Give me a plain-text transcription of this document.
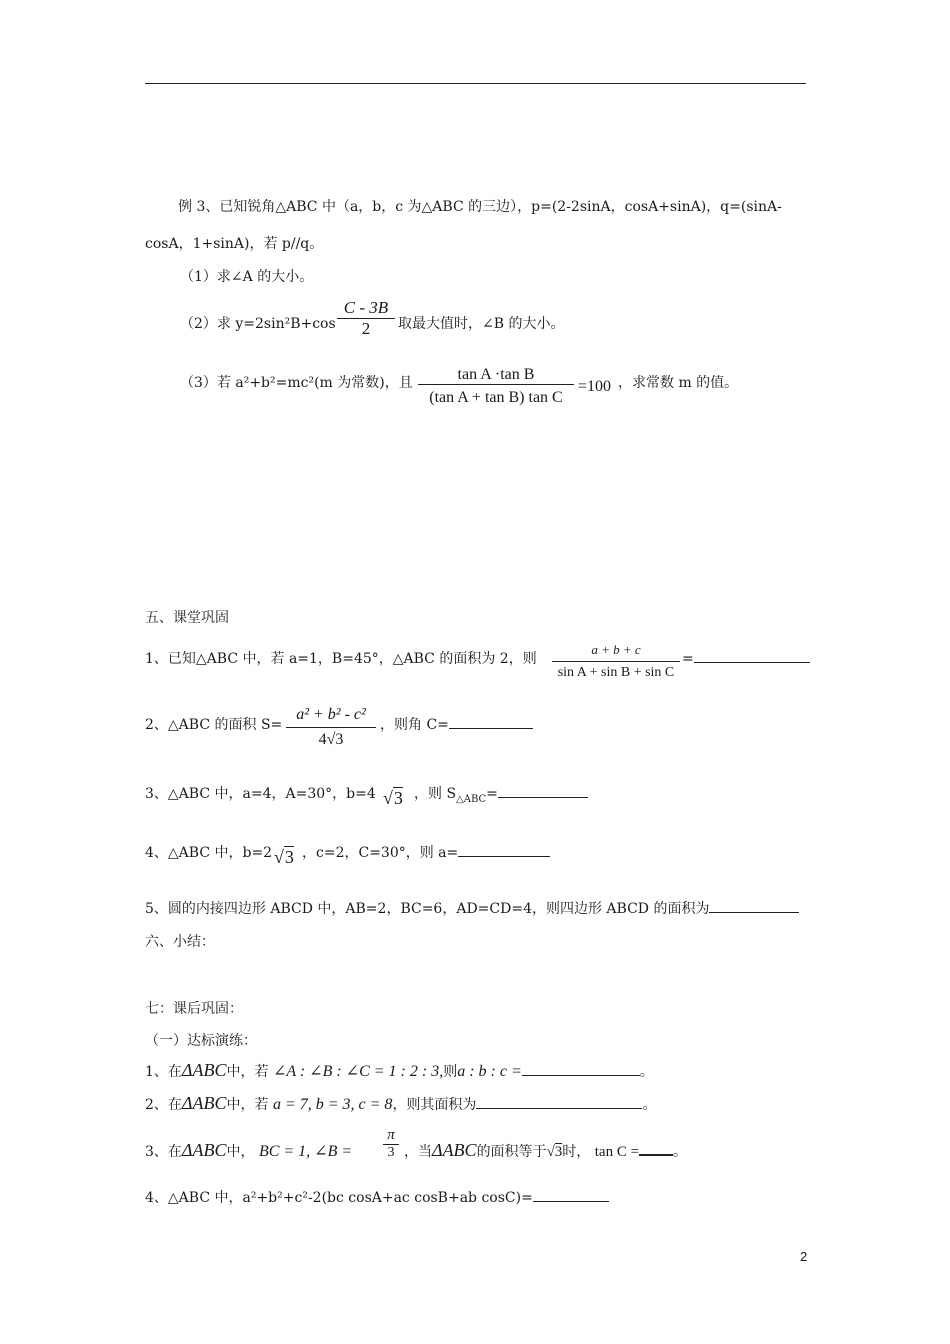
例 3、已知锐角△ABC 中（a，b，c 为△ABC 的三边），p=(2-2sinA，cosA+sinA)，q=(sinA-
cosA，1+sinA)，若 p//q。
（1）求∠A 的大小。
（2）求 y=2sin²B+cos
C - 3B
2	取最大值时，∠B 的大小。
（3）若 a²+b²=mc²(m 为常数)，且	tan A ·tan B
(tan A + tan B) tan C
=100 ，求常数 m 的值。
五、课堂巩固
1、已知△ABC 中，若 a=1，B=45°，△ABC 的面积为 2，则
a + b + c
sin A + sin B + sin C
=
2、△ABC 的面积 S=
a² + b² - c²
4√3
，则角 C=
3、△ABC 中，a=4，A=30°，b=4 √3 ，则 $S_{\triangle ABC}=$
4、△ABC 中，b=2 √3 ，c=2，C=30°，则 a=
5、圆的内接四边形 ABCD 中，AB=2，BC=6，AD=CD=4，则四边形 ABCD 的面积为
六、小结：
七：课后巩固：
（一）达标演练：
1、在ΔABC中，若 ∠A : ∠B : ∠C = 1 : 2 : 3,则a : b : c =	。
2、在ΔABC中，若 a = 7, b = 3, c = 8，则其面积为	。
3、在ΔABC中， BC = 1, ∠B =
π
3 ，当ΔABC的面积等于√3时， tan C = 。
4、△ABC 中，a²+b²+c²-2(bc cosA+ac cosB+ab cosC)=
2
